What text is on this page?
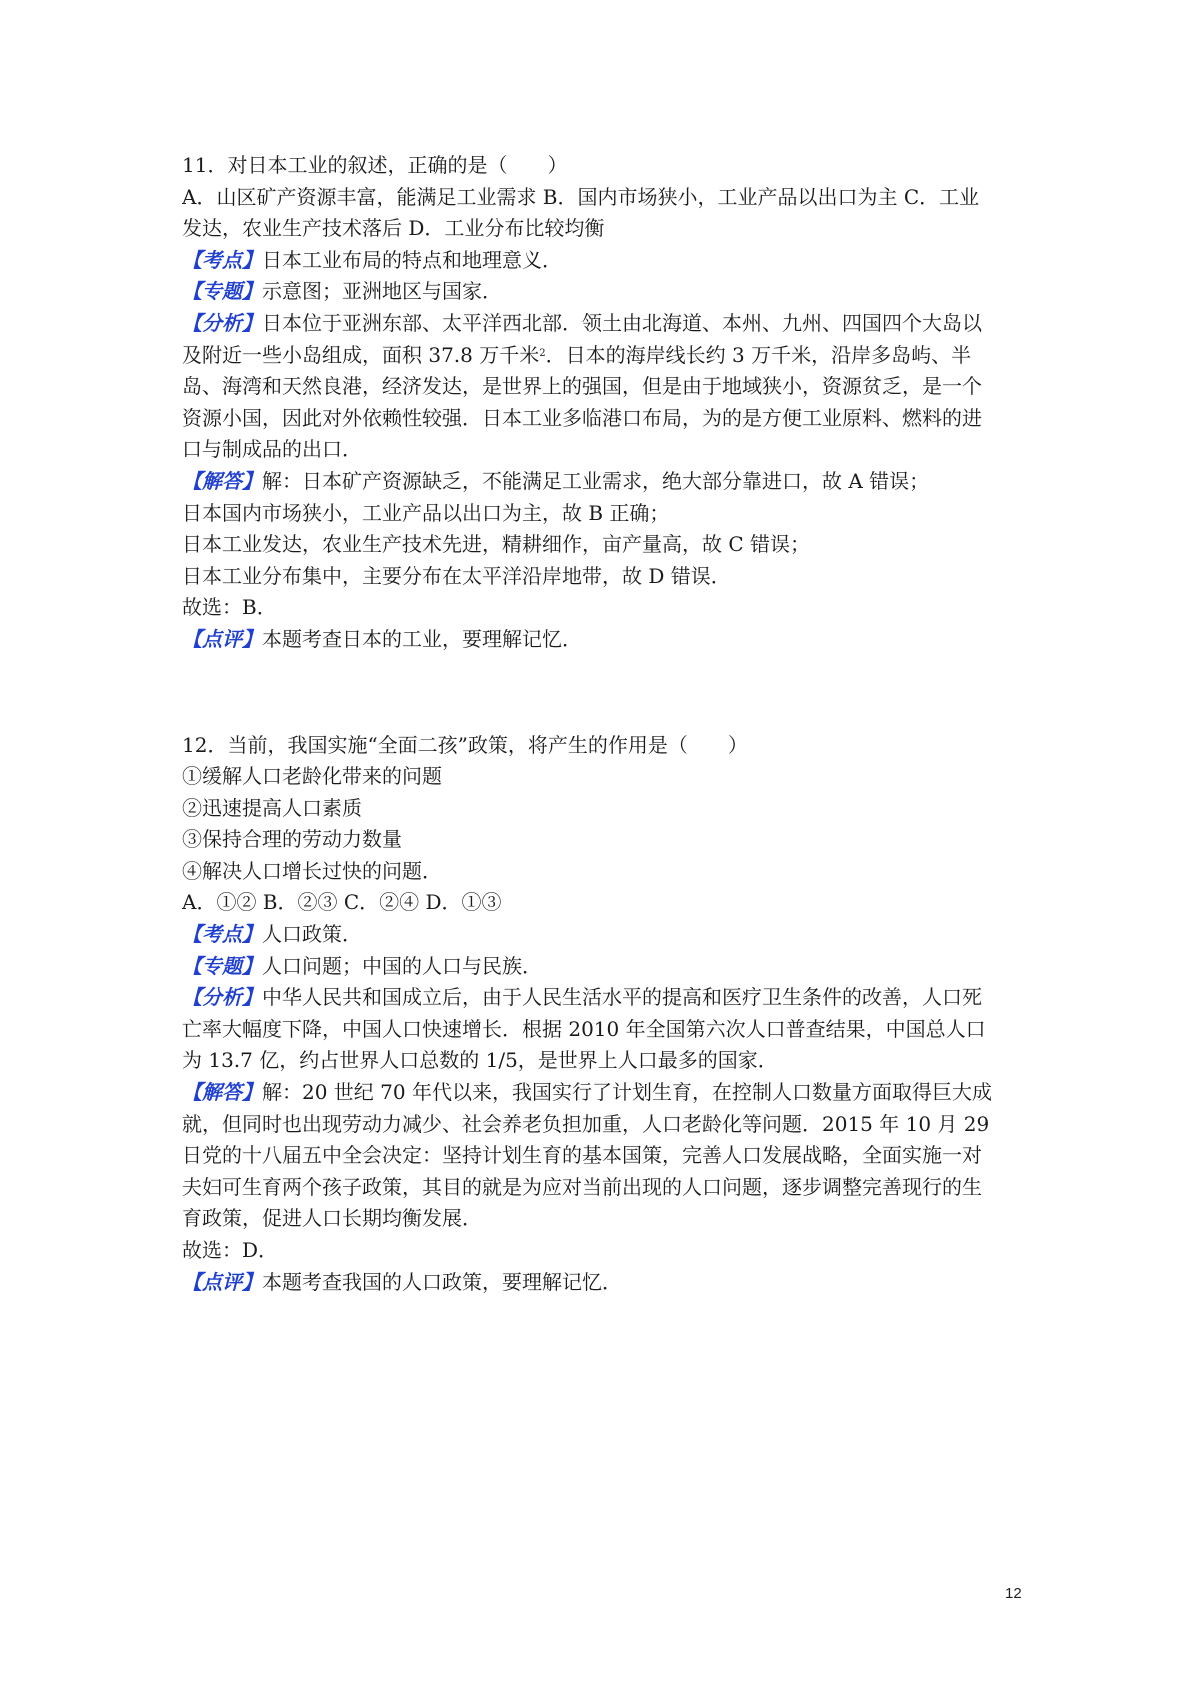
11．对日本工业的叙述，正确的是（　　）
A．山区矿产资源丰富，能满足工业需求 B．国内市场狭小，工业产品以出口为主 C．工业
发达，农业生产技术落后 D．工业分布比较均衡
【考点】日本工业布局的特点和地理意义．
【专题】示意图；亚洲地区与国家．
【分析】日本位于亚洲东部、太平洋西北部．领土由北海道、本州、九州、四国四个大岛以
及附近一些小岛组成，面积 37.8 万千米$^2$．日本的海岸线长约 3 万千米，沿岸多岛屿、半
岛、海湾和天然良港，经济发达，是世界上的强国，但是由于地域狭小，资源贫乏，是一个
资源小国，因此对外依赖性较强．日本工业多临港口布局，为的是方便工业原料、燃料的进
口与制成品的出口．
【解答】解：日本矿产资源缺乏，不能满足工业需求，绝大部分靠进口，故 A 错误；
日本国内市场狭小，工业产品以出口为主，故 B 正确；
日本工业发达，农业生产技术先进，精耕细作，亩产量高，故 C 错误；
日本工业分布集中，主要分布在太平洋沿岸地带，故 D 错误．
故选：B．
【点评】本题考查日本的工业，要理解记忆．
12．当前，我国实施“全面二孩”政策，将产生的作用是（　　）
①缓解人口老龄化带来的问题
②迅速提高人口素质
③保持合理的劳动力数量
④解决人口增长过快的问题．
A．①② B．②③ C．②④ D．①③
【考点】人口政策．
【专题】人口问题；中国的人口与民族．
【分析】中华人民共和国成立后，由于人民生活水平的提高和医疗卫生条件的改善，人口死
亡率大幅度下降，中国人口快速增长．根据 2010 年全国第六次人口普查结果，中国总人口
为 13.7 亿，约占世界人口总数的 1/5，是世界上人口最多的国家．
【解答】解：20 世纪 70 年代以来，我国实行了计划生育，在控制人口数量方面取得巨大成
就，但同时也出现劳动力减少、社会养老负担加重，人口老龄化等问题．2015 年 10 月 29
日党的十八届五中全会决定：坚持计划生育的基本国策，完善人口发展战略，全面实施一对
夫妇可生育两个孩子政策，其目的就是为应对当前出现的人口问题，逐步调整完善现行的生
育政策，促进人口长期均衡发展．
故选：D．
【点评】本题考查我国的人口政策，要理解记忆．
12
